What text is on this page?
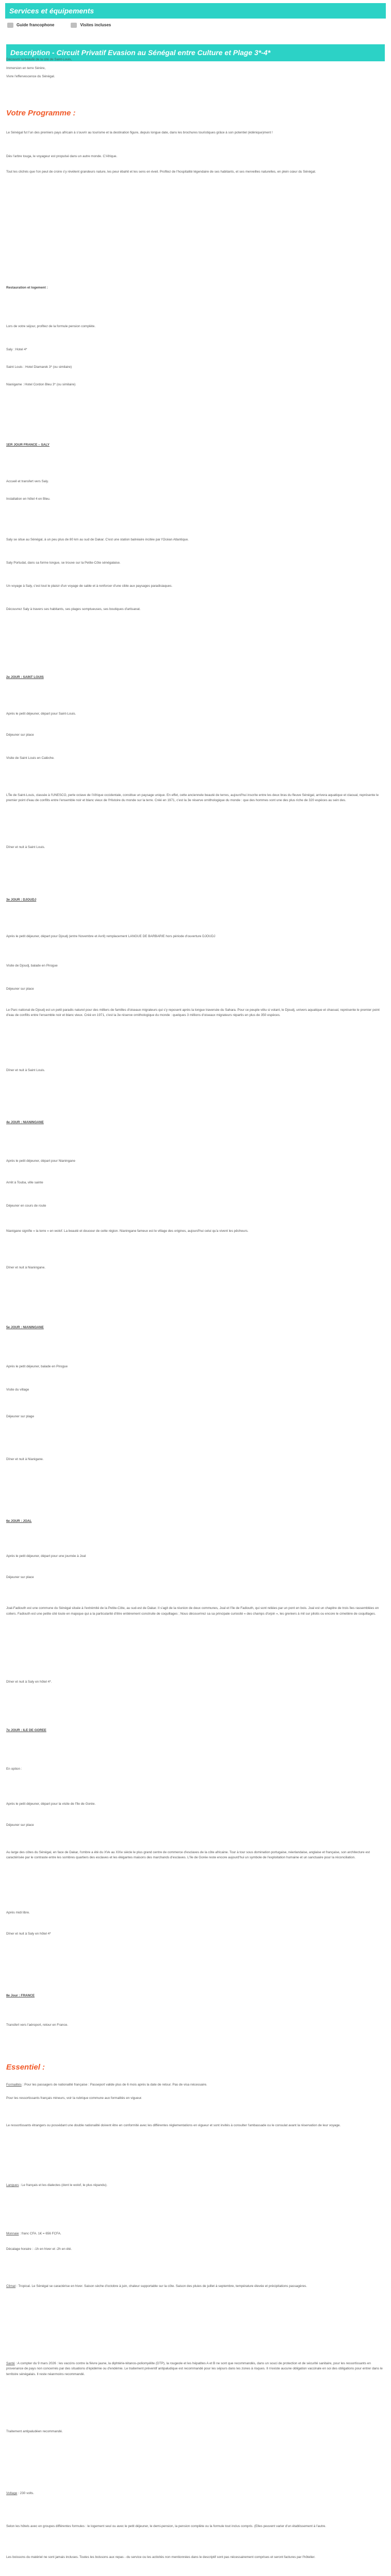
Services et équipements
Guide francophone	Visites incluses
Description - Circuit Privatif Evasion au Sénégal entre Culture et Plage 3*-4*

Découvrir la beauté de la cité de Saint-Louis,

Immersion en terre Sérère,

Vivre l'effervescence du Sénégal.

Votre Programme :

Le Sénégal fut l'un des premiers pays africain à s'ouvrir au tourisme et la destination figure, depuis longue date, dans les brochures touristiques grâce à son potentiel (édénique)ment !

Dès l'arbre touga, le voyageur est propulsé dans un autre monde. C'Afrique.

Tout les clichés que l'on peut de croire s'y révèlent grandeurs nature, les peur ébahit et les sens en éveil. Profitez de l'hospitalité légendaire de ses habitants, et ses merveilles naturelles, en plein cœur du Sénégal.

Restauration et logement :

Lors de votre séjour, profitez de la formule pension complète.

Saly : Hotel 4*

Saint Louis : Hotel Diamarek 3* (ou similaire)

Nianigame : Hotel Cordon Bleu 3* (ou similaire)

1ER JOUR FRANCE – SALY

Accueil et transfert vers Saly.

Installation en hôtel 4 en Bleu.

Saly se situe au Sénégal, à un peu plus de 80 km au sud de Dakar. C'est une station balnéaire incitée par l'Océan Atlantique.

Saly Portudal, dans sa forme longue, se trouve sur la Petite-Côte sénégalaise.

Un voyage à Saly, c'est tout le plaisir d'un voyage de sable et à renforcer d'une cible aux paysages paradisiaques.

Découvrez Saly à travers ses habitants, ses plages somptueuses, ses boutiques d'artisanat.

2e JOUR : SAINT LOUIS

Après le petit déjeuner, départ pour Saint-Louis.

Déjeuner sur place

Visite de Saint Louis en Calèche.

L'Île de Saint-Louis, classée à l'UNESCO, perle octave de l'Afrique occidentale, constitue un paysage unique. En effet, cette anciennele beauté de terres, aujourd'hui inscrite entre les deux bras du fleuve Sénégal, arrivera aquatique et claoual, représente le premier point d'eau de conflits entre l'ensemble noir et blanc vieux de l'Histoire du monde sur la terre. Créé en 1971, c'est la 3e réserve ornithologique du monde : que des hommes vont une des plus riche de 320 espèces au sein des.

Dîner et nuit à Saint Louis.

3e JOUR : DJOUDJ

Après le petit déjeuner, départ pour Djoudj (entre Novembre et Avril) remplacement LANGUE DE BARBARIE hors période d'ouverture DJOUDJ

Visite de Djoudj, balade en Pirogue

Déjeuner sur place

Le Parc national de Djoudj est un petit paradis naturel pour des milliers de familles d'oiseaux migrateurs qui s'y reposent après la longue traversée du Sahara. Pour ce peuple vêtu si volant, le Djoudj, univers aquatique et chaoual, représente le premier point d'eau de conflits entre l'ensemble noir et blanc vieux. Créé en 1971, c'est la 3e réserve ornithologique du monde : quelques 3 millions d'oiseaux migrateurs répartis en plus de 350 espèces.

Dîner et nuit à Saint Louis.

4e JOUR : NIANINGANE

Après le petit déjeuner, départ pour Nianingane

Arrêt à Touba, ville sainte

Déjeuner en cours de route

Nianigane signifie « la terre » en wolof. La beauté et douceur de cette région. Nianingane fameux est le village des origines, aujourd'hui celui qu'a vivent les pêcheurs.

Dîner et nuit à Nianingane.

5e JOUR : NIANINGANE

Après le petit déjeuner, balade en Pirogue

Visite du village

Déjeuner sur plage

Dîner et nuit à Nianigane.

6e JOUR : JOAL

Après le petit déjeuner, départ pour une journée à Joal

Déjeuner sur place

Joal-Fadiouth est une commune du Sénégal située à l'extrémité de la Petite-Côte, au sud-est de Dakar. Il s'agit de la réunion de deux communes, Joal et l'île de Fadiouth, qui sont reliées par un pont en bois. Joal est un chapitre de trois îles rassemblées en coliers. Fadiouth est une petite cité toute en majoque qui a la particularité d'être entièrement construite de coquillages ; Nous découvrirez sa sa principale curiosité « des champs d'orpin », les greniers à mil sur pilotis ou encore le cimetière de coquillages.

Dîner et nuit à Saly en hôtel 4*.

7e JOUR : ILE DE GOREE

En option :

Après le petit déjeuner, départ pour la visite de l'île de Gorée.

Déjeuner sur place

Au large des côtes du Sénégal, en face de Dakar, l'ombre a été du XVe au XIXe siècle le plus grand centre de commerce d'esclaves de la côte africaine. Tour à tour sous domination portugaise, néerlandaise, anglaise et française, son architecture est caractérisée par le contraste entre les sombres quartiers des esclaves et les élégantes maisons des marchands d'esclaves. L'île de Gorée reste encore aujourd'hui un symbole de l'exploitation humaine et un sanctuaire pour la réconciliation.

Après midi libre.

Dîner et nuit à Saly en hôtel 4*

8e Jour : FRANCE

Transfert vers l'aéroport, retour en France.

Essentiel :

Formalités : Pour les passagers de nationalité française : Passeport valide plus de 6 mois après la date de retour. Pas de visa nécessaire.

Pour les ressortissants français mineurs, voir la rubrique commune aux formalités en vigueur.

Le ressortissants étrangers ou possédant une double nationalité doivent être en conformité avec les différentes réglementations en vigueur et sont invités à consulter l'ambassade ou le consulat avant la réservation de leur voyage.

Langues : Le français et les dialectes (dont le wolof, le plus répandu).

Monnaie : franc CFA. 1€ = 656 FCFA.

Décalage horaire : -1h en hiver et -2h en été.

Climat : Tropical. Le Sénégal se caractérise en hiver. Saison sèche d'octobre à juin, chaleur supportable sur la côte. Saison des pluies de juillet à septembre, température élevée et précipitations passagères.

Santé : A compter du 9 mars 2026 : les vaccins contre la fièvre jaune, la diphtérie-tétanos-poliomyélite (DTP), la rougeole et les hépatites A et B ne sont que recommandés, dans un souci de protection et de sécurité sanitaire, pour les ressortissants en provenance de pays non concernés par des situations d'épidémie ou d'endémie. Le traitement préventif antipaludique est recommandé pour les séjours dans les zones à risques. Il n'existe aucune obligation vaccinale en soi des obligations pour entrer dans le territoire sénégalais. Il reste néanmoins recommandé.

Traitement antipaludéen recommandé.

Voltage : 230 volts.

Selon les hôtels avec en groupes différentes formules : le logement seul ou avec le petit déjeuner, le demi-pension, la pension complète ou la formule tout inclus compris. (Elles peuvent varier d'un établissement à l'autre.

Les boissons du matériel ne sont jamais incluses. Toutes les boissons aux repas - du service ou les activités non mentionnées dans le descriptif sont pas nécessairement comprises et seront factures par l'hôtelier.
